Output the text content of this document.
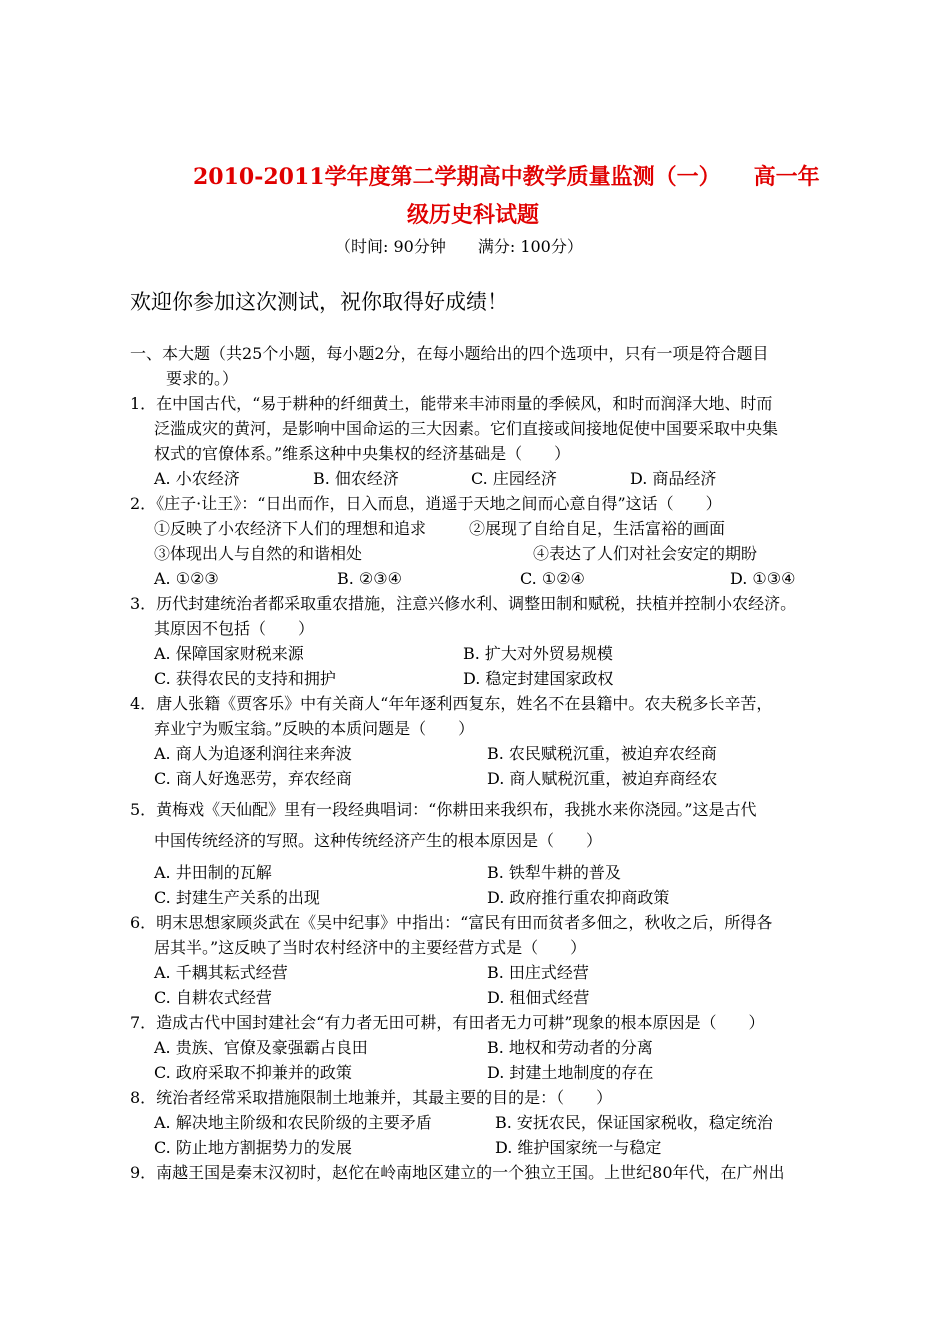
2010-2011学年度第二学期高中教学质量监测（一）　　高一年
级历史科试题
（时间: 90分钟　　满分: 100分）
欢迎你参加这次测试，祝你取得好成绩！
一、本大题（共25个小题，每小题2分，在每小题给出的四个选项中，只有一项是符合题目
要求的。）
1．在中国古代，“易于耕种的纤细黄土，能带来丰沛雨量的季候风，和时而润泽大地、时而
泛滥成灾的黄河，是影响中国命运的三大因素。它们直接或间接地促使中国要采取中央集
权式的官僚体系。”维系这种中央集权的经济基础是（　　）
A. 小农经济	B. 佃农经济	C. 庄园经济	D. 商品经济
2．《庄子·让王》：“日出而作，日入而息，逍遥于天地之间而心意自得”这话（　　）
①反映了小农经济下人们的理想和追求	②展现了自给自足，生活富裕的画面
③体现出人与自然的和谐相处	④表达了人们对社会安定的期盼
A. ①②③	B. ②③④	C. ①②④	D. ①③④
3．历代封建统治者都采取重农措施，注意兴修水利、调整田制和赋税，扶植并控制小农经济。
其原因不包括（　　）
A. 保障国家财税来源	B. 扩大对外贸易规模
C. 获得农民的支持和拥护	D. 稳定封建国家政权
4．唐人张籍《贾客乐》中有关商人“年年逐利西复东，姓名不在县籍中。农夫税多长辛苦，
弃业宁为贩宝翁。”反映的本质问题是（　　）
A. 商人为追逐利润往来奔波	B. 农民赋税沉重，被迫弃农经商
C. 商人好逸恶劳，弃农经商	D. 商人赋税沉重，被迫弃商经农
5．黄梅戏《天仙配》里有一段经典唱词：“你耕田来我织布，我挑水来你浇园。”这是古代
中国传统经济的写照。这种传统经济产生的根本原因是（　　）
A. 井田制的瓦解	B. 铁犁牛耕的普及
C. 封建生产关系的出现	D. 政府推行重农抑商政策
6．明末思想家顾炎武在《吴中纪事》中指出：“富民有田而贫者多佃之，秋收之后，所得各
居其半。”这反映了当时农村经济中的主要经营方式是（　　）
A. 千耦其耘式经营	B. 田庄式经营
C. 自耕农式经营	D. 租佃式经营
7．造成古代中国封建社会“有力者无田可耕，有田者无力可耕”现象的根本原因是（　　）
A. 贵族、官僚及豪强霸占良田	B. 地权和劳动者的分离
C. 政府采取不抑兼并的政策	D. 封建土地制度的存在
8．统治者经常采取措施限制土地兼并，其最主要的目的是：（　　）
A. 解决地主阶级和农民阶级的主要矛盾	B. 安抚农民，保证国家税收，稳定统治
C. 防止地方割据势力的发展	D. 维护国家统一与稳定
9．南越王国是秦末汉初时，赵佗在岭南地区建立的一个独立王国。上世纪80年代，在广州出
